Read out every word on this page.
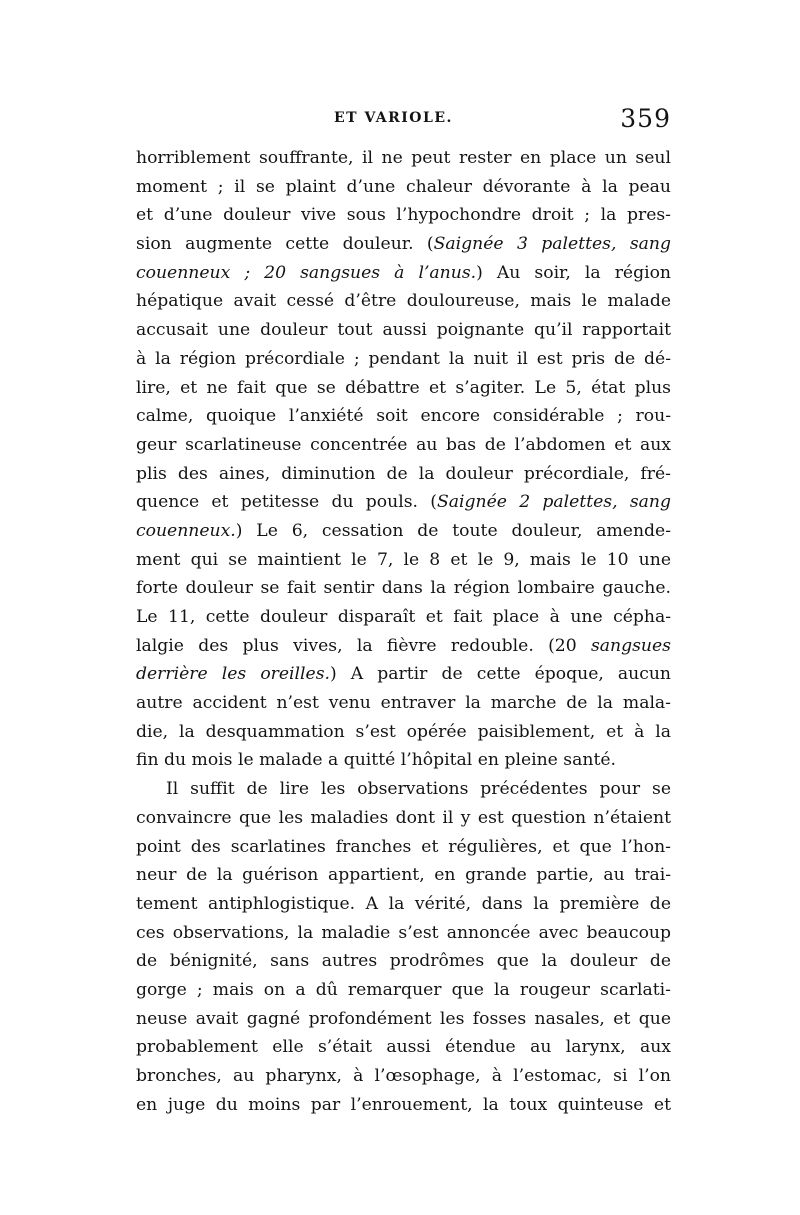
ET VARIOLE.	359
horriblement souffrante, il ne peut rester en place un seul
moment ; il se plaint d’une chaleur dévorante à la peau
et d’une douleur vive sous l’hypochondre droit ; la pres-
sion augmente cette douleur. (Saignée 3 palettes, sang
couenneux ; 20 sangsues à l’anus.) Au soir, la région
hépatique avait cessé d’être douloureuse, mais le malade
accusait une douleur tout aussi poignante qu’il rapportait
à la région précordiale ; pendant la nuit il est pris de dé-
lire, et ne fait que se débattre et s’agiter. Le 5, état plus
calme, quoique l’anxiété soit encore considérable ; rou-
geur scarlatineuse concentrée au bas de l’abdomen et aux
plis des aines, diminution de la douleur précordiale, fré-
quence et petitesse du pouls. (Saignée 2 palettes, sang
couenneux.) Le 6, cessation de toute douleur, amende-
ment qui se maintient le 7, le 8 et le 9, mais le 10 une
forte douleur se fait sentir dans la région lombaire gauche.
Le 11, cette douleur disparaît et fait place à une cépha-
lalgie des plus vives, la fièvre redouble. (20 sangsues
derrière les oreilles.) A partir de cette époque, aucun
autre accident n’est venu entraver la marche de la mala-
die, la desquammation s’est opérée paisiblement, et à la
fin du mois le malade a quitté l’hôpital en pleine santé.
Il suffit de lire les observations précédentes pour se
convaincre que les maladies dont il y est question n’étaient
point des scarlatines franches et régulières, et que l’hon-
neur de la guérison appartient, en grande partie, au trai-
tement antiphlogistique. A la vérité, dans la première de
ces observations, la maladie s’est annoncée avec beaucoup
de bénignité, sans autres prodrômes que la douleur de
gorge ; mais on a dû remarquer que la rougeur scarlati-
neuse avait gagné profondément les fosses nasales, et que
probablement elle s’était aussi étendue au larynx, aux
bronches, au pharynx, à l’œsophage, à l’estomac, si l’on
en juge du moins par l’enrouement, la toux quinteuse et
